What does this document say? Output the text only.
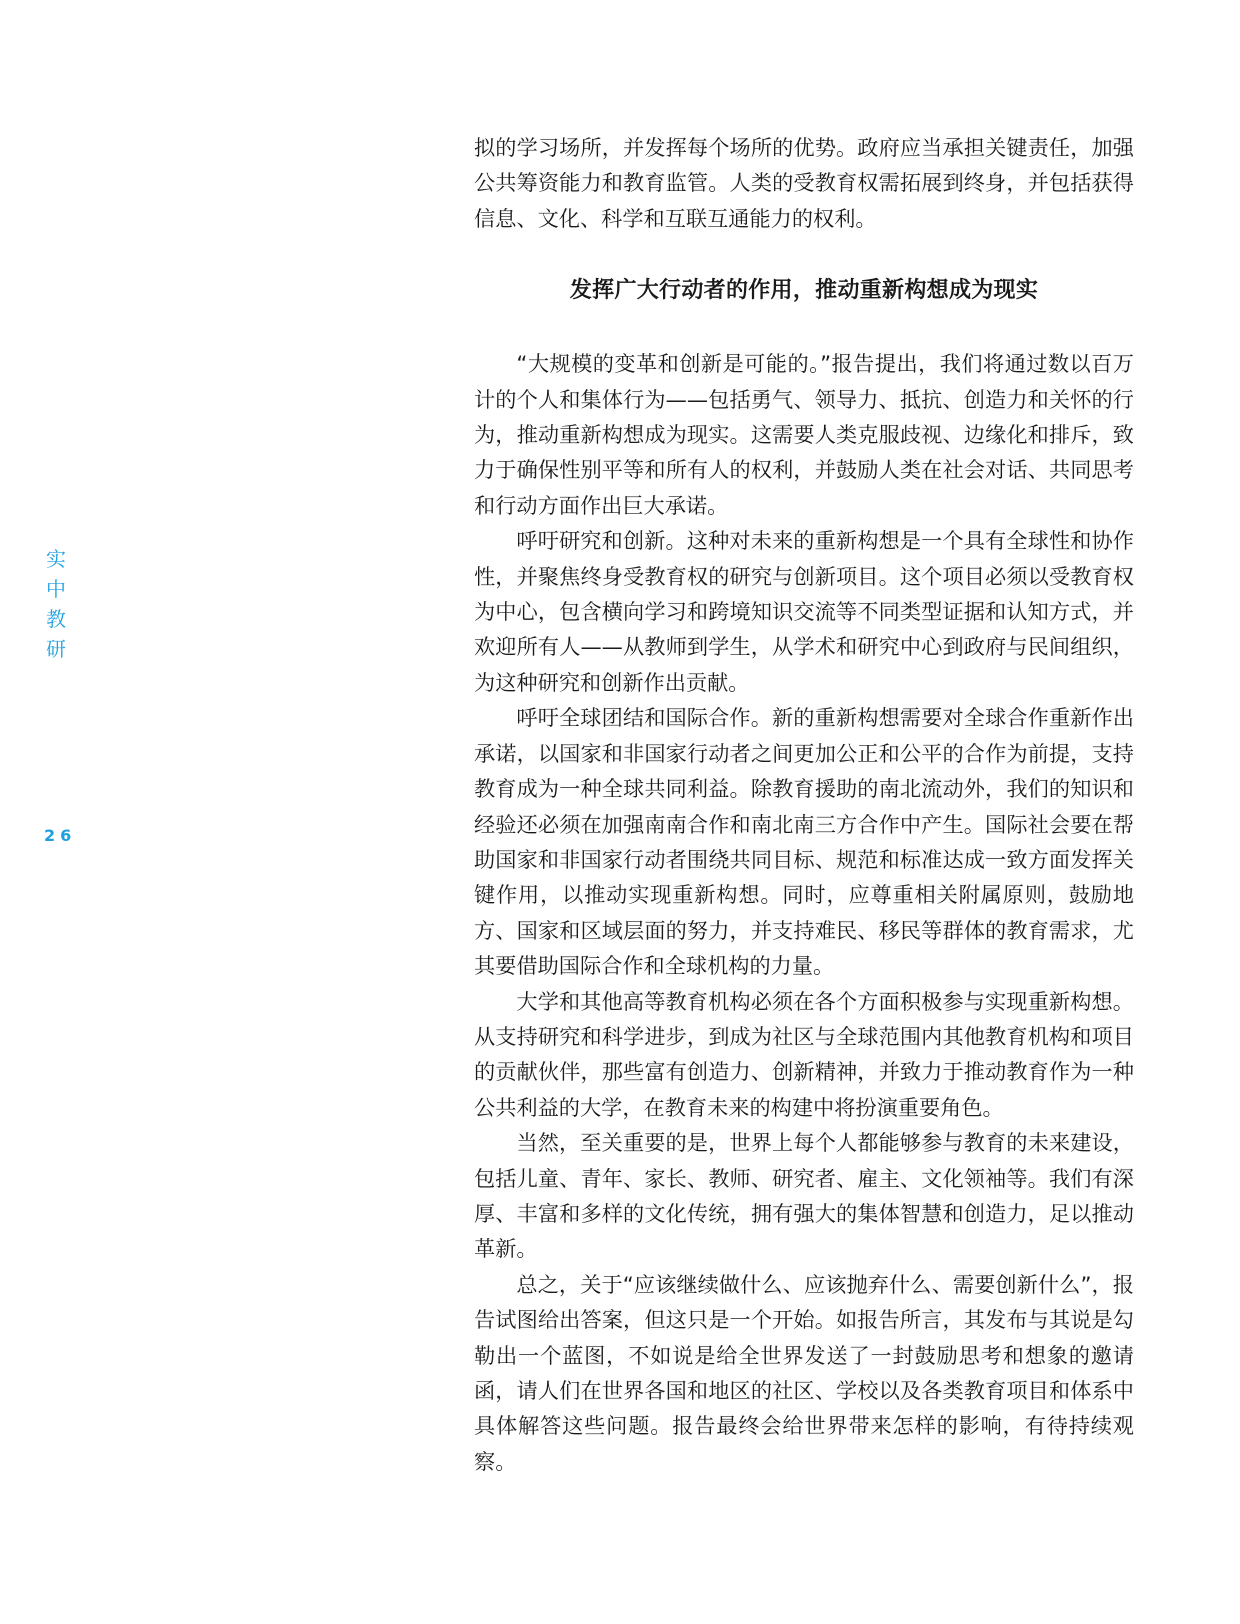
实
中
教
研
26

拟的学习场所，并发挥每个场所的优势。政府应当承担关键责任，加强公共筹资能力和教育监管。人类的受教育权需拓展到终身，并包括获得信息、文化、科学和互联互通能力的权利。

发挥广大行动者的作用，推动重新构想成为现实

“大规模的变革和创新是可能的。”报告提出，我们将通过数以百万计的个人和集体行为——包括勇气、领导力、抵抗、创造力和关怀的行为，推动重新构想成为现实。这需要人类克服歧视、边缘化和排斥，致力于确保性别平等和所有人的权利，并鼓励人类在社会对话、共同思考和行动方面作出巨大承诺。

呼吁研究和创新。这种对未来的重新构想是一个具有全球性和协作性，并聚焦终身受教育权的研究与创新项目。这个项目必须以受教育权为中心，包含横向学习和跨境知识交流等不同类型证据和认知方式，并欢迎所有人——从教师到学生，从学术和研究中心到政府与民间组织，为这种研究和创新作出贡献。

呼吁全球团结和国际合作。新的重新构想需要对全球合作重新作出承诺，以国家和非国家行动者之间更加公正和公平的合作为前提，支持教育成为一种全球共同利益。除教育援助的南北流动外，我们的知识和经验还必须在加强南南合作和南北南三方合作中产生。国际社会要在帮助国家和非国家行动者围绕共同目标、规范和标准达成一致方面发挥关键作用，以推动实现重新构想。同时，应尊重相关附属原则，鼓励地方、国家和区域层面的努力，并支持难民、移民等群体的教育需求，尤其要借助国际合作和全球机构的力量。

大学和其他高等教育机构必须在各个方面积极参与实现重新构想。从支持研究和科学进步，到成为社区与全球范围内其他教育机构和项目的贡献伙伴，那些富有创造力、创新精神，并致力于推动教育作为一种公共利益的大学，在教育未来的构建中将扮演重要角色。

当然，至关重要的是，世界上每个人都能够参与教育的未来建设，包括儿童、青年、家长、教师、研究者、雇主、文化领袖等。我们有深厚、丰富和多样的文化传统，拥有强大的集体智慧和创造力，足以推动革新。

总之，关于“应该继续做什么、应该抛弃什么、需要创新什么”，报告试图给出答案，但这只是一个开始。如报告所言，其发布与其说是勾勒出一个蓝图，不如说是给全世界发送了一封鼓励思考和想象的邀请函，请人们在世界各国和地区的社区、学校以及各类教育项目和体系中具体解答这些问题。报告最终会给世界带来怎样的影响，有待持续观察。
